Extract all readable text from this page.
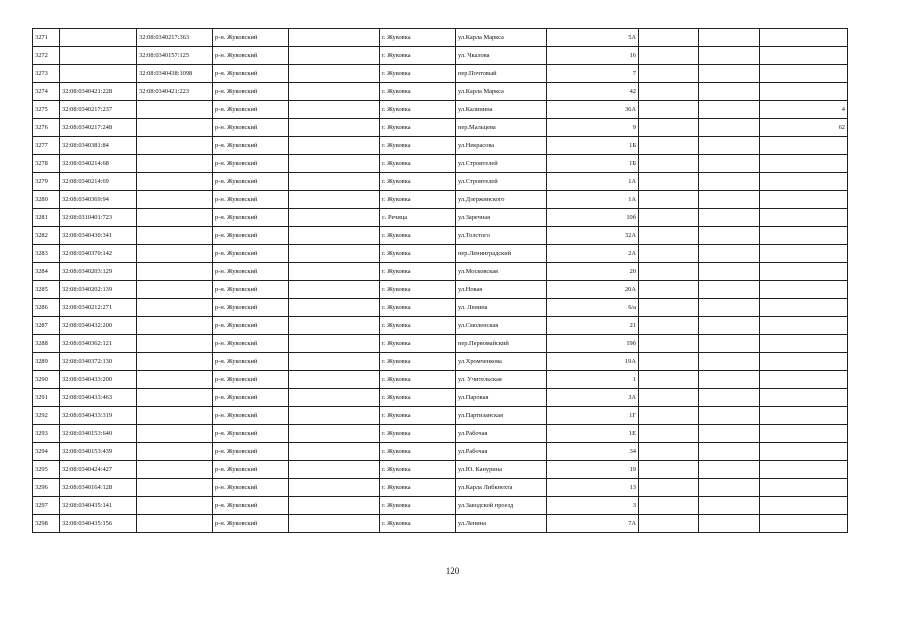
3271		32:08:0340217:363	р-н. Жуковский		г. Жуковка	ул.Карла Маркса	5А			
3272		32:08:0340157:125	р-н. Жуковский		г. Жуковка	ул. Чкалова	16			
3273		32:08:0340438:1098	р-н. Жуковский		г. Жуковка	пер.Почтовый	7			
3274	32:08:0340421:228	32:08:0340421:223	р-н. Жуковский		г. Жуковка	ул.Карла Маркса	42			
3275	32:08:0340217:237		р-н. Жуковский		г. Жуковка	ул.Калинина	36А			4
3276	32:08:0340217:248		р-н. Жуковский		г. Жуковка	пер.Мальцева	9			62
3277	32:08:0340381:84		р-н. Жуковский		г. Жуковка	ул.Некрасова	1Б			
3278	32:08:0340214:68		р-н. Жуковский		г. Жуковка	ул.Строителей	1Б			
3279	32:08:0340214:69		р-н. Жуковский		г. Жуковка	ул.Строителей	1А			
3280	32:08:0340369:94		р-н. Жуковский		г. Жуковка	ул.Дзержинского	1А			
3281	32:08:0310401:723		р-н. Жуковский		с. Речица	ул.Заречная	10б			
3282	32:08:0340430:341		р-н. Жуковский		г. Жуковка	ул.Толстого	32А			
3283	32:08:0340370:142		р-н. Жуковский		г. Жуковка	пер.Ленинградский	2А			
3284	32:08:0340203:129		р-н. Жуковский		г. Жуковка	ул.Московская	20			
3285	32:08:0340202:139		р-н. Жуковский		г. Жуковка	ул.Новая	20А			
3286	32:08:0340212:271		р-н. Жуковский		г. Жуковка	ул. Ленина	6/а			
3287	32:08:0340432:200		р-н. Жуковский		г. Жуковка	ул.Смоленская	21			
3288	32:08:0340362:121		р-н. Жуковский		г. Жуковка	пер.Первомайский	19б			
3289	32:08:0340372:130		р-н. Жуковский		г. Жуковка	ул.Хромченкова	19А			
3290	32:08:0340433:200		р-н. Жуковский		г. Жуковка	ул. Учительская	1			
3291	32:08:0340433:463		р-н. Жуковский		г. Жуковка	ул.Паровая	3А			
3292	32:08:0340433:319		р-н. Жуковский		г. Жуковка	ул.Партизанская	1Г			
3293	32:08:0340153:640		р-н. Жуковский		г. Жуковка	ул.Рабочая	1Е			
3294	32:08:0340153:439		р-н. Жуковский		г. Жуковка	ул.Рабочая	34			
3295	32:08:0340424:427		р-н. Жуковский		г. Жуковка	ул.Ю. Канурина	19			
3296	32:08:0340164:128		р-н. Жуковский		г. Жуковка	ул.Карла Либкнехта	13			
3297	32:08:0340435:141		р-н. Жуковский		г. Жуковка	ул.Заводской проезд	3			
3298	32:08:0340435:156		р-н. Жуковский		г. Жуковка	ул.Ленина	7А			
120
